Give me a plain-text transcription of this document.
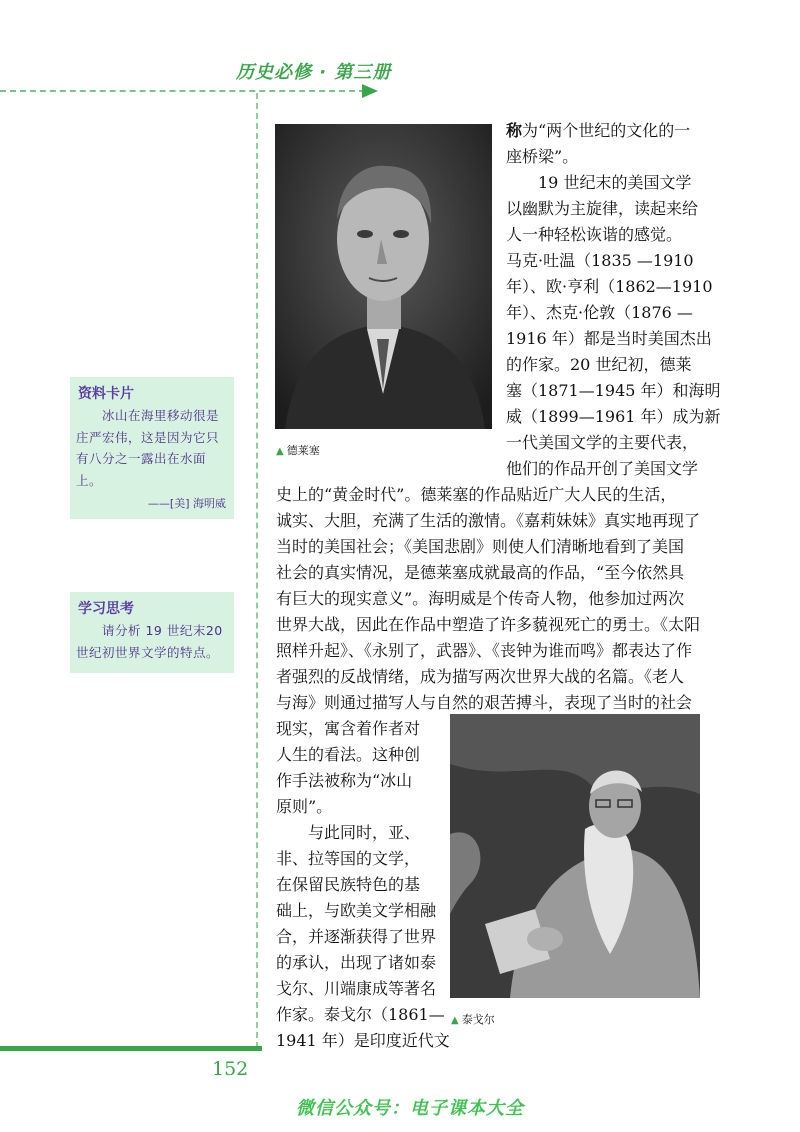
历史必修 · 第三册
▲ 德莱塞
称为“两个世纪的文化的一
座桥梁”。
　　19 世纪末的美国文学
以幽默为主旋律，读起来给
人一种轻松诙谐的感觉。
马克·吐温（1835 —1910
年）、欧·亨利（1862—1910
年）、杰克·伦敦（1876 —
1916 年）都是当时美国杰出
的作家。20 世纪初，德莱
塞（1871—1945 年）和海明
威（1899—1961 年）成为新
一代美国文学的主要代表，
他们的作品开创了美国文学
史上的“黄金时代”。德莱塞的作品贴近广大人民的生活，
诚实、大胆，充满了生活的激情。《嘉莉妹妹》真实地再现了
当时的美国社会；《美国悲剧》则使人们清晰地看到了美国
社会的真实情况，是德莱塞成就最高的作品，“至今依然具
有巨大的现实意义”。海明威是个传奇人物，他参加过两次
世界大战，因此在作品中塑造了许多藐视死亡的勇士。《太阳
照样升起》、《永别了，武器》、《丧钟为谁而鸣》都表达了作
者强烈的反战情绪，成为描写两次世界大战的名篇。《老人
与海》则通过描写人与自然的艰苦搏斗，表现了当时的社会
现实，寓含着作者对
人生的看法。这种创
作手法被称为“冰山
原则”。
　　与此同时，亚、
非、拉等国的文学，
在保留民族特色的基
础上，与欧美文学相融
合，并逐渐获得了世界
的承认，出现了诸如泰
戈尔、川端康成等著名
作家。泰戈尔（1861—
1941 年）是印度近代文
▲ 泰戈尔
资料卡片
　　冰山在海里移动很是庄严宏伟，这是因为它只有八分之一露出在水面上。
——[美] 海明威
学习思考
　　请分析 19 世纪末20 世纪初世界文学的特点。
152
微信公众号：电子课本大全
